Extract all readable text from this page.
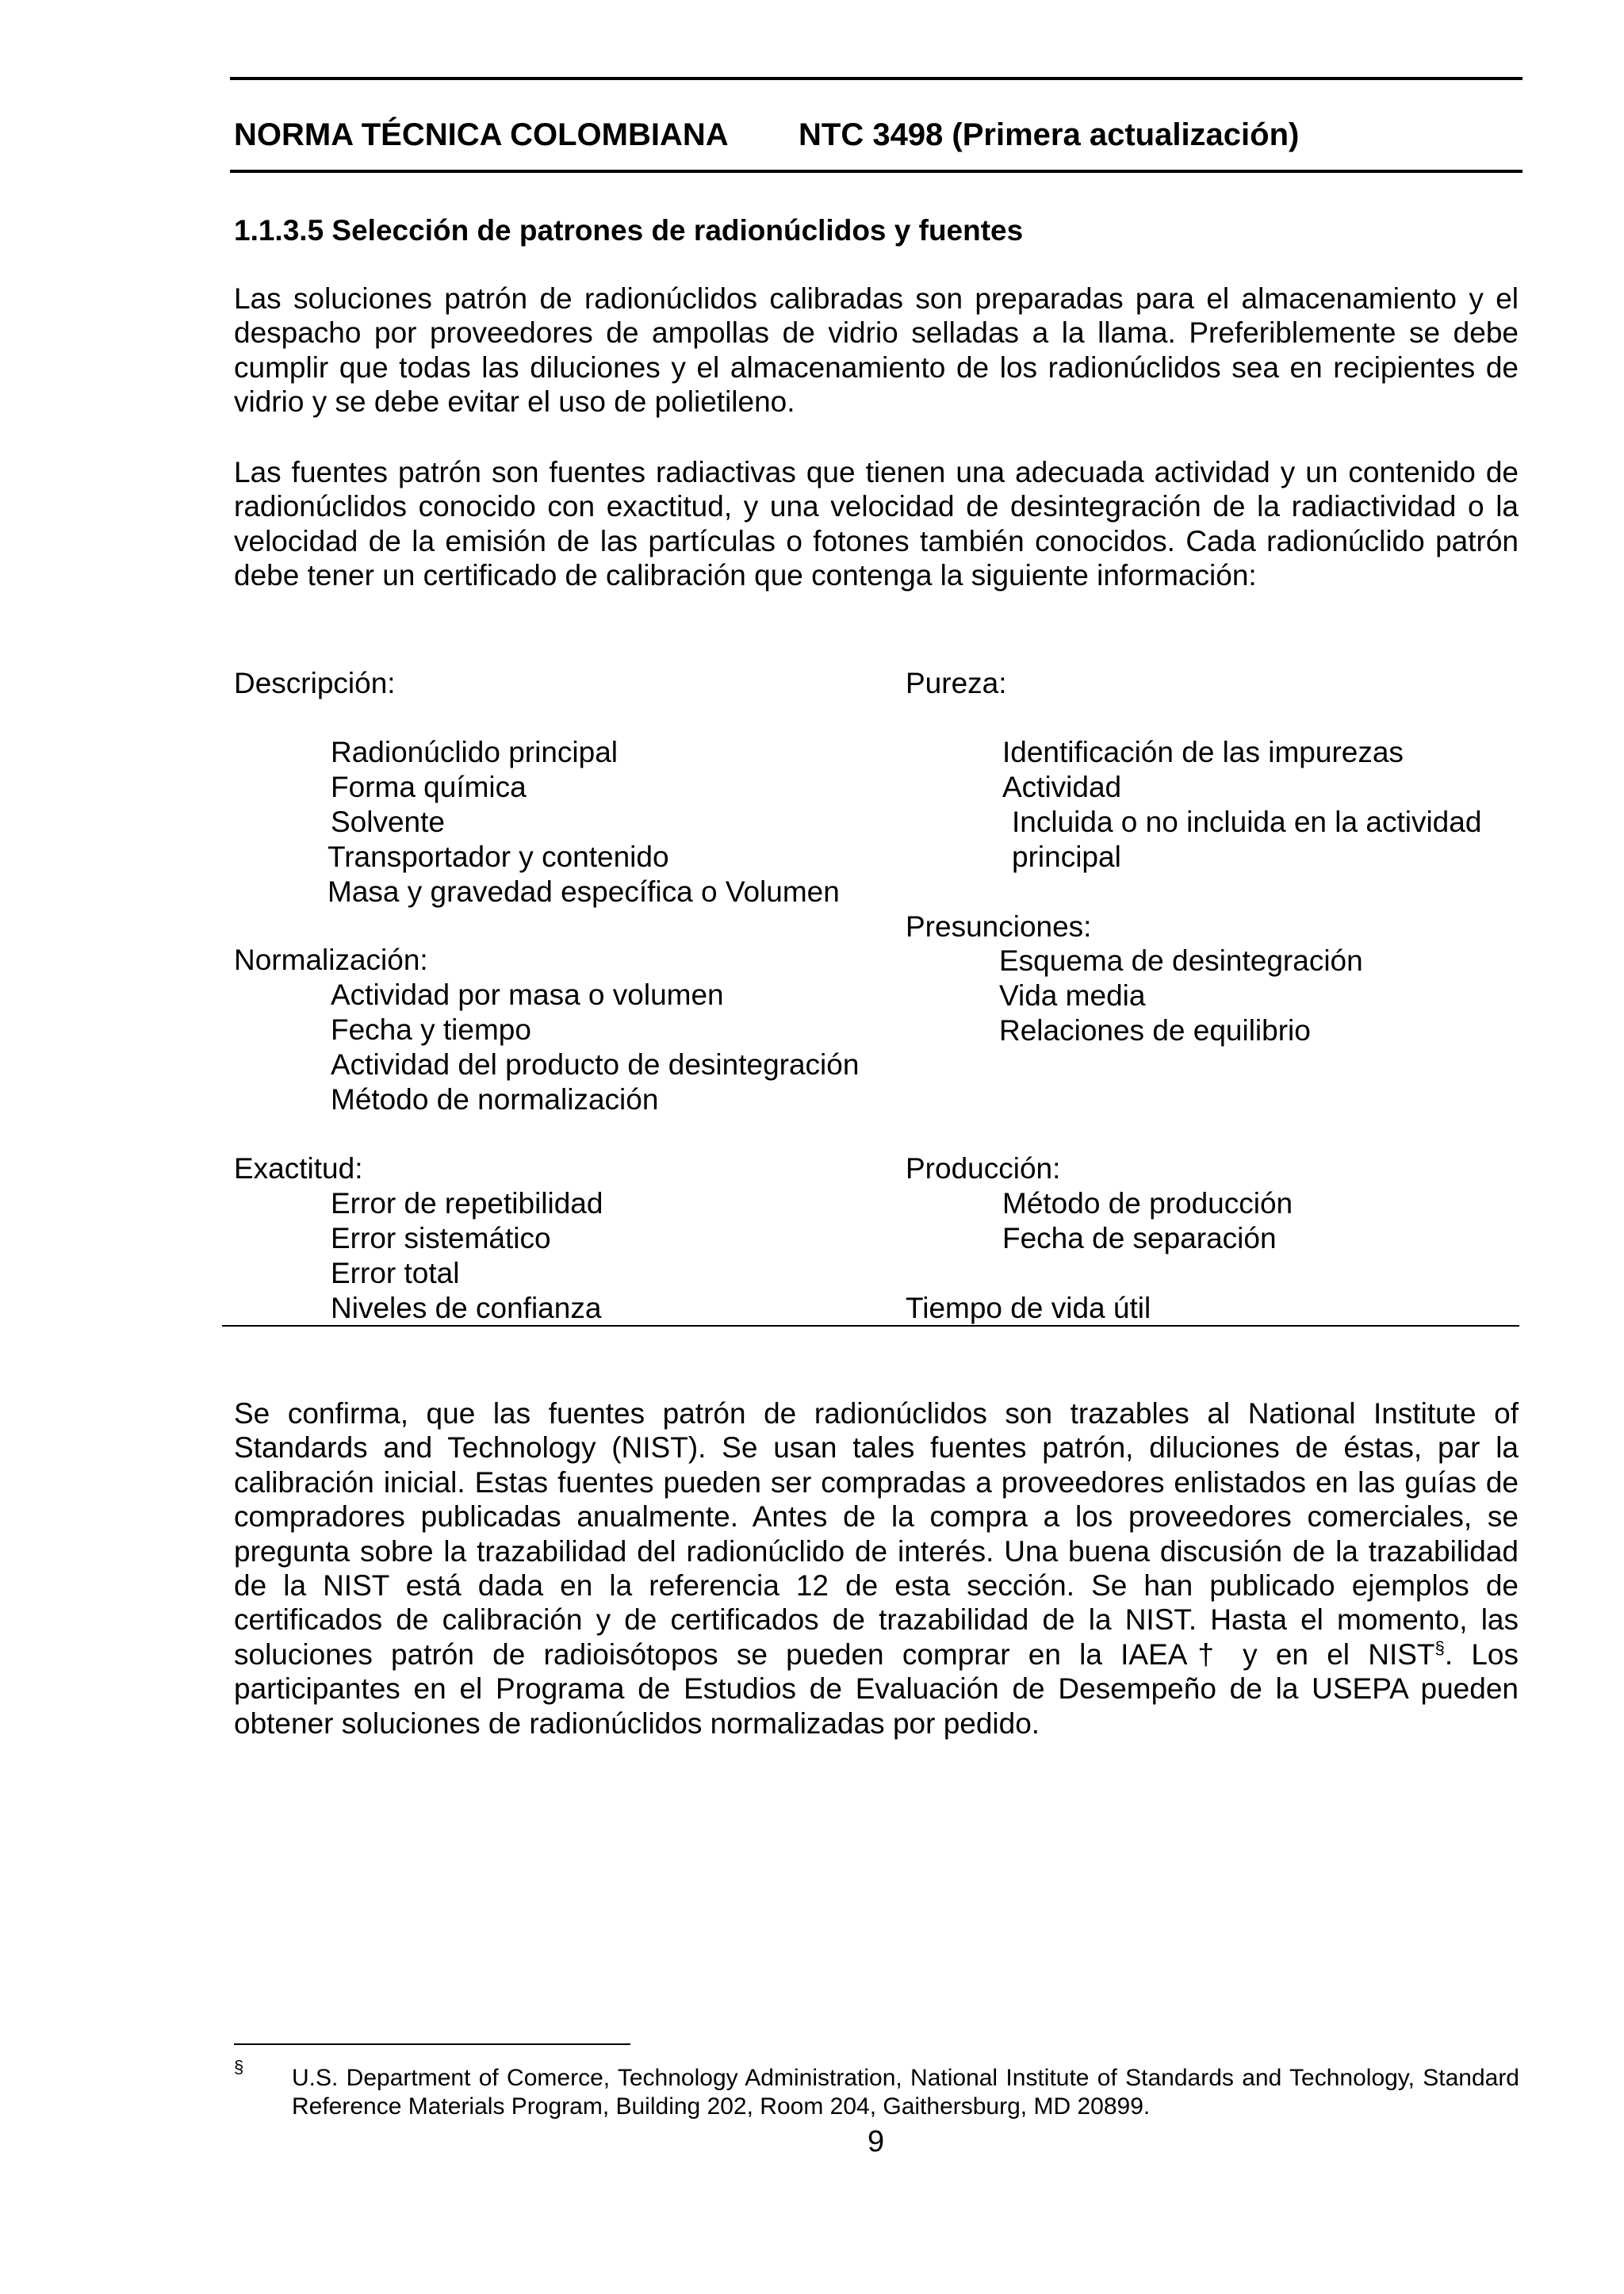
NORMA TÉCNICA COLOMBIANA NTC 3498 (Primera actualización)
1.1.3.5 Selección de patrones de radionúclidos y fuentes

Las soluciones patrón de radionúclidos calibradas son preparadas para el almacenamiento y el despacho por proveedores de ampollas de vidrio selladas a la llama. Preferiblemente se debe cumplir que todas las diluciones y el almacenamiento de los radionúclidos sea en recipientes de vidrio y se debe evitar el uso de polietileno.

Las fuentes patrón son fuentes radiactivas que tienen una adecuada actividad y un contenido de radionúclidos conocido con exactitud, y una velocidad de desintegración de la radiactividad o la velocidad de la emisión de las partículas o fotones también conocidos. Cada radionúclido patrón debe tener un certificado de calibración que contenga la siguiente información:

Descripción:
Radionúclido principal
Forma química
Solvente
Transportador y contenido
Masa y gravedad específica o Volumen
Normalización:
Actividad por masa o volumen
Fecha y tiempo
Actividad del producto de desintegración
Método de normalización
Exactitud:
Error de repetibilidad
Error sistemático
Error total
Niveles de confianza
Pureza:
Identificación de las impurezas
Actividad
Incluida o no incluida en la actividad
principal
Presunciones:
Esquema de desintegración
Vida media
Relaciones de equilibrio
Producción:
Método de producción
Fecha de separación
Tiempo de vida útil

Se confirma, que las fuentes patrón de radionúclidos son trazables al National Institute of Standards and Technology (NIST). Se usan tales fuentes patrón, diluciones de éstas, par la calibración inicial. Estas fuentes pueden ser compradas a proveedores enlistados en las guías de compradores publicadas anualmente. Antes de la compra a los proveedores comerciales, se pregunta sobre la trazabilidad del radionúclido de interés. Una buena discusión de la trazabilidad de la NIST está dada en la referencia 12 de esta sección. Se han publicado ejemplos de certificados de calibración y de certificados de trazabilidad de la NIST. Hasta el momento, las soluciones patrón de radioisótopos se pueden comprar en la IAEA† y en el NIST§. Los participantes en el Programa de Estudios de Evaluación de Desempeño de la USEPA pueden obtener soluciones de radionúclidos normalizadas por pedido.

§ U.S. Department of Comerce, Technology Administration, National Institute of Standards and Technology, Standard Reference Materials Program, Building 202, Room 204, Gaithersburg, MD 20899.
9
